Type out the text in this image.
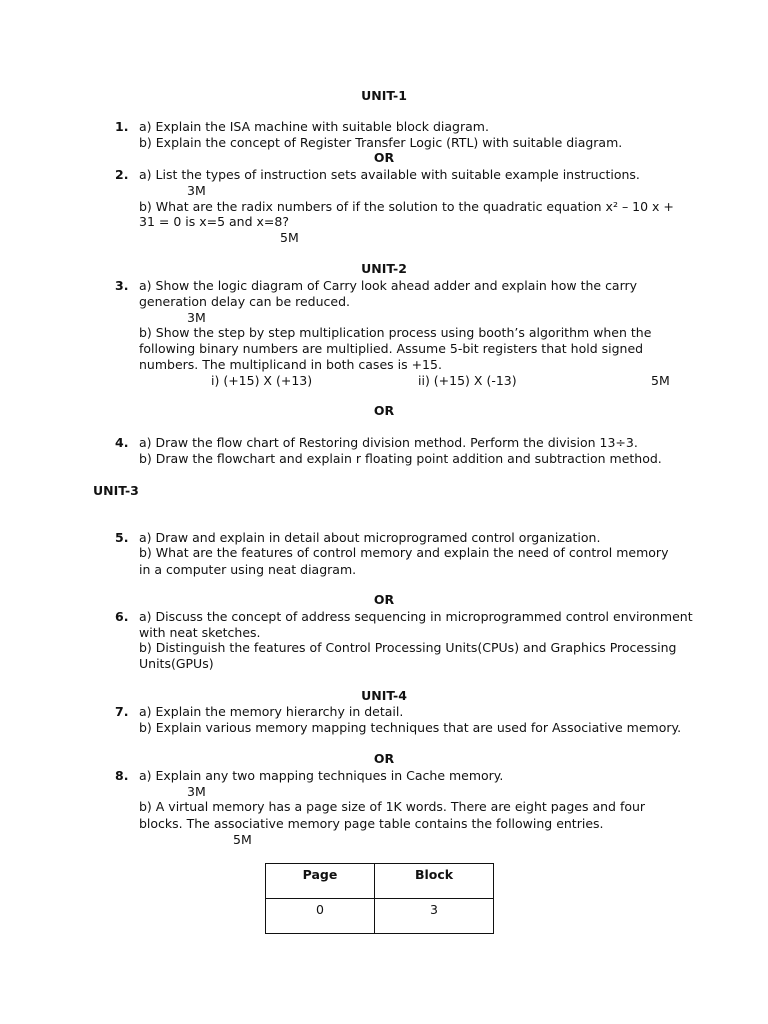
UNIT-1
1. a) Explain the ISA machine with suitable block diagram.
b) Explain the concept of Register Transfer Logic (RTL) with suitable diagram.
OR
2. a) List the types of instruction sets available with suitable example instructions.
3M
b) What are the radix numbers of if the solution to the quadratic equation x² – 10 x +
31 = 0 is x=5 and x=8?
5M
UNIT-2
3. a) Show the logic diagram of Carry look ahead adder and explain how the carry
generation delay can be reduced.
3M
b) Show the step by step multiplication process using booth’s algorithm when the
following binary numbers are multiplied. Assume 5-bit registers that hold signed
numbers. The multiplicand in both cases is +15.
i) (+15) X (+13)	ii) (+15) X (-13)	5M
OR
4. a) Draw the flow chart of Restoring division method. Perform the division 13÷3.
b) Draw the flowchart and explain r floating point addition and subtraction method.
UNIT-3
5. a) Draw and explain in detail about microprogramed control organization.
b) What are the features of control memory and explain the need of control memory
in a computer using neat diagram.
OR
6. a) Discuss the concept of address sequencing in microprogrammed control environment
with neat sketches.
b) Distinguish the features of Control Processing Units(CPUs) and Graphics Processing
Units(GPUs)
UNIT-4
7. a) Explain the memory hierarchy in detail.
b) Explain various memory mapping techniques that are used for Associative memory.
OR
8. a) Explain any two mapping techniques in Cache memory.
3M
b) A virtual memory has a page size of 1K words. There are eight pages and four
blocks. The associative memory page table contains the following entries.
5M
Page	Block
0	3
